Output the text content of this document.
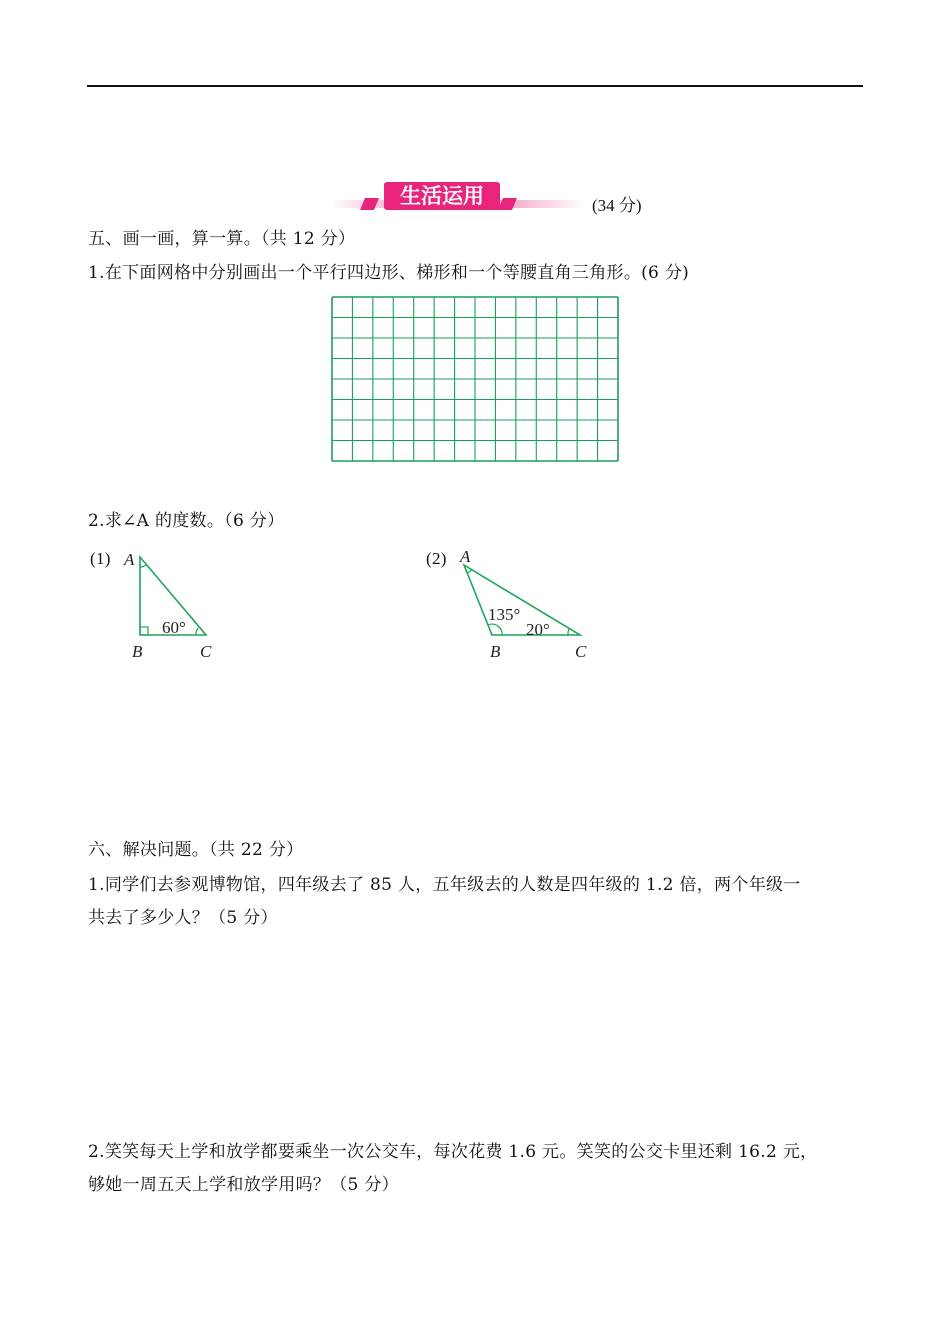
生活运用	(34 分)
五、画一画，算一算。（共 12 分）
1.在下面网格中分别画出一个平行四边形、梯形和一个等腰直角三角形。(6 分)
2.求∠A 的度数。（6 分）
(1) A
B	C
60°
(2) A
B	C
135°
20°
六、解决问题。（共 22 分）
1.同学们去参观博物馆，四年级去了 85 人，五年级去的人数是四年级的 1.2 倍，两个年级一
共去了多少人？（5 分）
2.笑笑每天上学和放学都要乘坐一次公交车，每次花费 1.6 元。笑笑的公交卡里还剩 16.2 元，
够她一周五天上学和放学用吗？（5 分）
